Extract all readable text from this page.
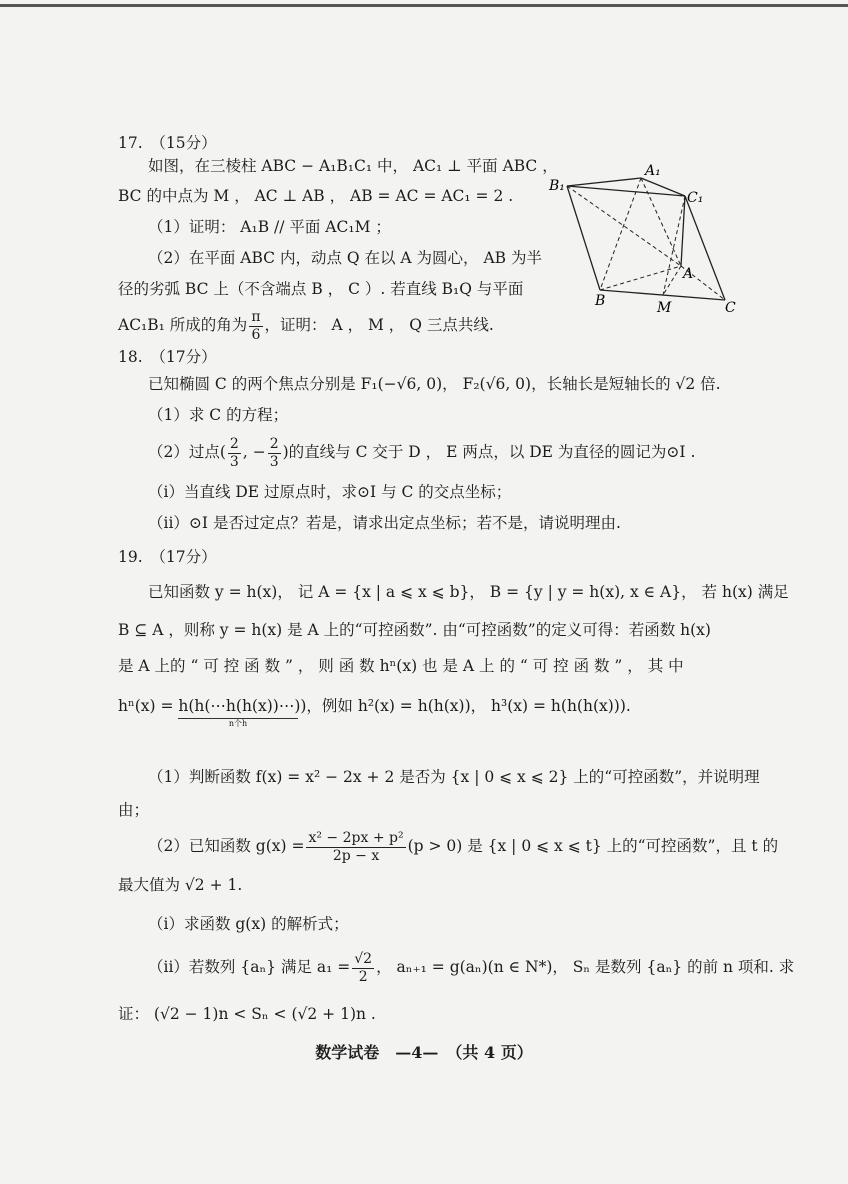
17.　（15分）
如图，在三棱柱 ABC − A₁B₁C₁ 中， AC₁ ⊥ 平面 ABC ，
BC 的中点为 M ， AC ⊥ AB ， AB = AC = AC₁ = 2 .
（1）证明： A₁B // 平面 AC₁M ；
（2）在平面 ABC 内，动点 Q 在以 A 为圆心， AB 为半
径的劣弧 BC 上（不含端点 B ， C ）. 若直线 B₁Q 与平面
AC₁B₁ 所成的角为 $\frac{\pi}{6}$ ，证明： A ， M ， Q 三点共线.
A₁
B₁
C₁
A
B	C
M
18.　（17分）
已知椭圆 C 的两个焦点分别是 F₁(−√6, 0)， F₂(√6, 0)，长轴长是短轴长的 √2 倍.
（1）求 C 的方程；
（2）过点( $\frac{2}{3}$ , − $\frac{2}{3}$ )的直线与 C 交于 D ， E 两点，以 DE 为直径的圆记为⊙I .
（i）当直线 DE 过原点时，求⊙I 与 C 的交点坐标；
（ii）⊙I 是否过定点？若是，请求出定点坐标；若不是，请说明理由.
19.　（17分）
已知函数 y = h(x)， 记 A = {x | a ⩽ x ⩽ b}， B = {y | y = h(x), x ∈ A}， 若 h(x) 满足
B ⊆ A ，则称 y = h(x) 是 A 上的“可控函数”. 由“可控函数”的定义可得：若函数 h(x)
是 A 上的 “ 可 控 函 数 ” ， 则 函 数 hⁿ(x) 也 是 A 上 的 “ 可 控 函 数 ” ， 其 中
hⁿ(x) = h(h(⋯h(h(x))⋯))
n个h
，例如 h²(x) = h(h(x))， h³(x) = h(h(h(x))).
（1）判断函数 f(x) = x² − 2x + 2 是否为 {x | 0 ⩽ x ⩽ 2} 上的“可控函数”，并说明理
由；
（2）已知函数 $g(x) = \frac{\text{x² − 2px + p²}}{2p - x} (p > 0)$ 是 {x | 0 ⩽ x ⩽ t} 上的“可控函数”，且 t 的
最大值为 √2 + 1.
（i）求函数 g(x) 的解析式；
（ii）若数列 {aₙ} 满足 $a_1 = \frac{√2}{2}$ ， aₙ₊₁ = g(aₙ)(n ∈ N*)， Sₙ 是数列 {aₙ} 的前 n 项和. 求
证： (√2 − 1)n < Sₙ < (√2 + 1)n .
数学试卷　—4—　（共 4 页）
